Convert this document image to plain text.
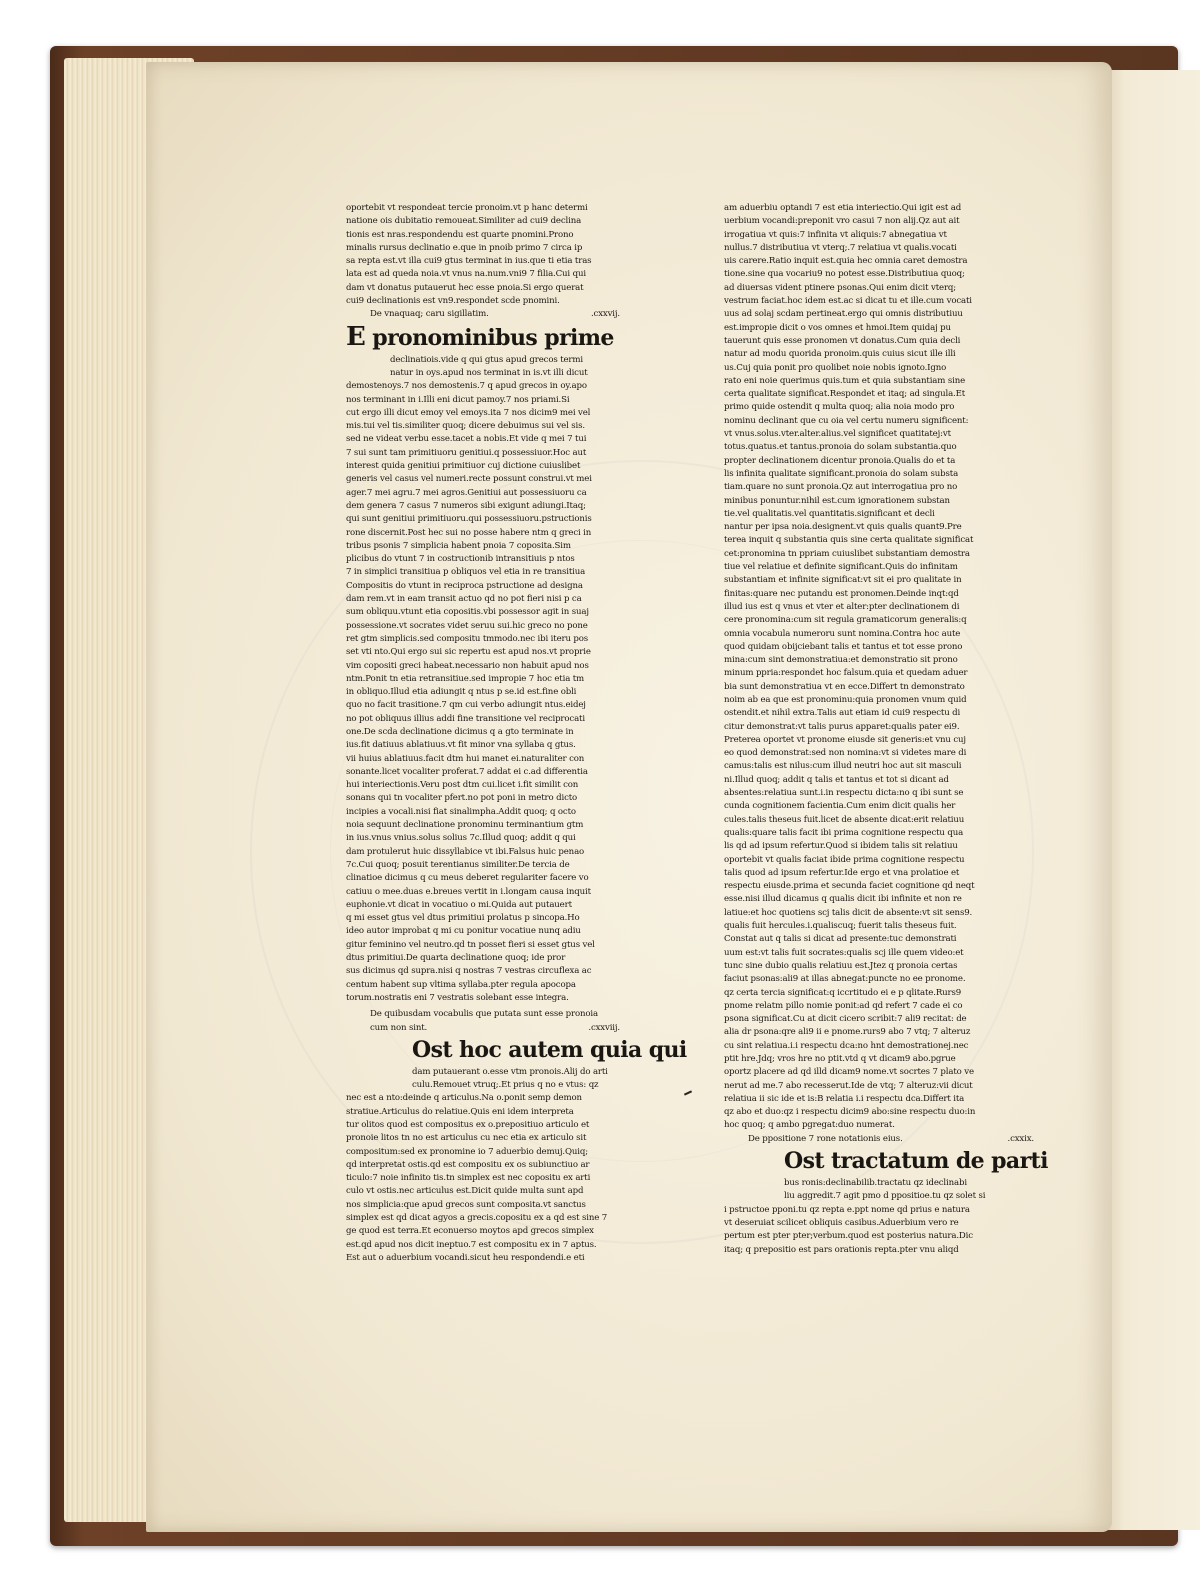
oportebit vt respondeat tercie pronoim.vt p hanc determi
natione ois dubitatio remoueat.Similiter ad cui9 declina
tionis est nras.respondendu est quarte pnomini.Prono
minalis rursus declinatio e.que in pnoib primo 7 circa ip
sa repta est.vt illa cui9 gtus terminat in ius.que ti etia tras
lata est ad queda noia.vt vnus na.num.vni9 7 filia.Cui qui
dam vt donatus putauerut hec esse pnoia.Si ergo querat
cui9 declinationis est vn9.respondet scde pnomini.
De vnaquaq; caru sigillatim.	.cxxvij.
E pronominibus prime
declinatiois.vide q qui gtus apud grecos termi
natur in oys.apud nos terminat in is.vt illi dicut
demostenoys.7 nos demostenis.7 q apud grecos in oy.apo
nos terminant in i.Illi eni dicut pamoy.7 nos priami.Si
cut ergo illi dicut emoy vel emoys.ita 7 nos dicim9 mei vel
mis.tui vel tis.similiter quoq; dicere debuimus sui vel sis.
sed ne videat verbu esse.tacet a nobis.Et vide q mei 7 tui
7 sui sunt tam primitiuoru genitiui.q possessiuor.Hoc aut
interest quida genitiui primitiuor cuj dictione cuiuslibet
generis vel casus vel numeri.recte possunt construi.vt mei
ager.7 mei agru.7 mei agros.Genitiui aut possessiuoru ca
dem genera 7 casus 7 numeros sibi exigunt adiungi.Itaq;
qui sunt genitiui primitiuoru.qui possessiuoru.pstructionis
rone discernit.Post hec sui no posse habere ntm q greci in
tribus psonis 7 simplicia habent pnoia 7 coposita.Sim
plicibus do vtunt 7 in costructionib intransitiuis p ntos
7 in simplici transitiua p obliquos vel etia in re transitiua
Compositis do vtunt in reciproca pstructione ad designa
dam rem.vt in eam transit actuo qd no pot fieri nisi p ca
sum obliquu.vtunt etia copositis.vbi possessor agit in suaj
possessione.vt socrates videt seruu sui.hic greco no pone
ret gtm simplicis.sed compositu tmmodo.nec ibi iteru pos
set vti nto.Qui ergo sui sic repertu est apud nos.vt proprie
vim copositi greci habeat.necessario non habuit apud nos
ntm.Ponit tn etia retransitiue.sed impropie 7 hoc etia tm
in obliquo.Illud etia adiungit q ntus p se.id est.fine obli
quo no facit trasitione.7 qm cui verbo adiungit ntus.eidej
no pot obliquus illius addi fine transitione vel reciprocati
one.De scda declinatione dicimus q a gto terminate in
ius.fit datiuus ablatiuus.vt fit minor vna syllaba q gtus.
vii huius ablatiuus.facit dtm hui manet ei.naturaliter con
sonante.licet vocaliter proferat.7 addat ei c.ad differentia
hui interiectionis.Veru post dtm cui.licet i.fit similit con
sonans qui tn vocaliter pfert.no pot poni in metro dicto
incipies a vocali.nisi fiat sinalimpha.Addit quoq; q octo
noia sequunt declinatione pronominu terminantium gtm
in ius.vnus vnius.solus solius 7c.Illud quoq; addit q qui
dam protulerut huic dissyllabice vt ibi.Falsus huic penao
7c.Cui quoq; posuit terentianus similiter.De tercia de
clinatioe dicimus q cu meus deberet regulariter facere vo
catiuu o mee.duas e.breues vertit in i.longam causa inquit
euphonie.vt dicat in vocatiuo o mi.Quida aut putauert
q mi esset gtus vel dtus primitiui prolatus p sincopa.Ho
ideo autor improbat q mi cu ponitur vocatiue nunq adiu
gitur feminino vel neutro.qd tn posset fieri si esset gtus vel
dtus primitiui.De quarta declinatione quoq; ide pror
sus dicimus qd supra.nisi q nostras 7 vestras circuflexa ac
centum habent sup vltima syllaba.pter regula apocopa
torum.nostratis eni 7 vestratis solebant esse integra.
De quibusdam vocabulis que putata sunt esse pronoia
cum non sint.	.cxxviij.
Ost hoc autem quia qui
dam putauerant o.esse vtm pronois.Alij do arti
culu.Remouet vtruq;.Et prius q no e vtus: qz
nec est a nto:deinde q articulus.Na o.ponit semp demon
stratiue.Articulus do relatiue.Quis eni idem interpreta
tur olitos quod est compositus ex o.prepositiuo articulo et
pronoie litos tn no est articulus cu nec etia ex articulo sit
compositum:sed ex pronomine io 7 aduerbio demuj.Quiq;
qd interpretat ostis.qd est compositu ex os subiunctiuo ar
ticulo:7 noie infinito tis.tn simplex est nec copositu ex arti
culo vt ostis.nec articulus est.Dicit quide multa sunt apd
nos simplicia:que apud grecos sunt composita.vt sanctus
simplex est qd dicat agyos a grecis.copositu ex a qd est sine 7
ge quod est terra.Et econuerso moytos apd grecos simplex
est.qd apud nos dicit ineptuo.7 est compositu ex in 7 aptus.
Est aut o aduerbium vocandi.sicut heu respondendi.e eti
am aduerbiu optandi 7 est etia interiectio.Qui igit est ad
uerbium vocandi:preponit vro casui 7 non alij.Qz aut ait
irrogatiua vt quis:7 infinita vt aliquis:7 abnegatiua vt
nullus.7 distributiua vt vterq;.7 relatiua vt qualis.vocati
uis carere.Ratio inquit est.quia hec omnia caret demostra
tione.sine qua vocariu9 no potest esse.Distributiua quoq;
ad diuersas vident ptinere psonas.Qui enim dicit vterq;
vestrum faciat.hoc idem est.ac si dicat tu et ille.cum vocati
uus ad solaj scdam pertineat.ergo qui omnis distributiuu
est.impropie dicit o vos omnes et hmoi.Item quidaj pu
tauerunt quis esse pronomen vt donatus.Cum quia decli
natur ad modu quorida pronoim.quis cuius sicut ille illi
us.Cuj quia ponit pro quolibet noie nobis ignoto.Igno
rato eni noie querimus quis.tum et quia substantiam sine
certa qualitate significat.Respondet et itaq; ad singula.Et
primo quide ostendit q multa quoq; alia noia modo pro
nominu declinant que cu oia vel certu numeru significent:
vt vnus.solus.vter.alter.alius.vel significet quatitatej:vt
totus.quatus.et tantus.pronoia do solam substantia.quo
propter declinationem dicentur pronoia.Qualis do et ta
lis infinita qualitate significant.pronoia do solam substa
tiam.quare no sunt pronoia.Qz aut interrogatiua pro no
minibus ponuntur.nihil est.cum ignorationem substan
tie.vel qualitatis.vel quantitatis.significant et decli
nantur per ipsa noia.designent.vt quis qualis quant9.Pre
terea inquit q substantia quis sine certa qualitate significat
cet:pronomina tn ppriam cuiuslibet substantiam demostra
tiue vel relatiue et definite significant.Quis do infinitam
substantiam et infinite significat:vt sit ei pro qualitate in
finitas:quare nec putandu est pronomen.Deinde inqt:qd
illud ius est q vnus et vter et alter:pter declinationem di
cere pronomina:cum sit regula gramaticorum generalis:q
omnia vocabula numeroru sunt nomina.Contra hoc aute
quod quidam obijciebant talis et tantus et tot esse prono
mina:cum sint demonstratiua:et demonstratio sit prono
minum ppria:respondet hoc falsum.quia et quedam aduer
bia sunt demonstratiua vt en ecce.Differt tn demonstrato
noim ab ea que est pronominu:quia pronomen vnum quid
ostendit.et nihil extra.Talis aut etiam id cui9 respectu di
citur demonstrat:vt talis purus apparet:qualis pater ei9.
Preterea oportet vt pronome eiusde sit generis:et vnu cuj
eo quod demonstrat:sed non nomina:vt si videtes mare di
camus:talis est nilus:cum illud neutri hoc aut sit masculi
ni.Illud quoq; addit q talis et tantus et tot si dicant ad
absentes:relatiua sunt.i.in respectu dicta:no q ibi sunt se
cunda cognitionem facientia.Cum enim dicit qualis her
cules.talis theseus fuit.licet de absente dicat:erit relatiuu
qualis:quare talis facit ibi prima cognitione respectu qua
lis qd ad ipsum refertur.Quod si ibidem talis sit relatiuu
oportebit vt qualis faciat ibide prima cognitione respectu
talis quod ad ipsum refertur.Ide ergo et vna prolatioe et
respectu eiusde.prima et secunda faciet cognitione qd neqt
esse.nisi illud dicamus q qualis dicit ibi infinite et non re
latiue:et hoc quotiens scj talis dicit de absente:vt sit sens9.
qualis fuit hercules.i.qualiscuq; fuerit talis theseus fuit.
Constat aut q talis si dicat ad presente:tuc demonstrati
uum est:vt talis fuit socrates:qualis scj ille quem video:et
tunc sine dubio qualis relatiuu est.Jtez q pronoia certas
faciut psonas:ali9 at illas abnegat:puncte no ee pronome.
qz certa tercia significat:q iccrtitudo ei e p qlitate.Rurs9
pnome relatm pillo nomie ponit:ad qd refert 7 cade ei co
psona significat.Cu at dicit cicero scribit:7 ali9 recitat: de
alia dr psona:qre ali9 ii e pnome.rurs9 abo 7 vtq; 7 alteruz
cu sint relatiua.i.i respectu dca:no hnt demostrationej.nec
ptit hre.Jdq; vros hre no ptit.vtd q vt dicam9 abo.pgrue
oportz placere ad qd illd dicam9 nome.vt socrtes 7 plato ve
nerut ad me.7 abo recesserut.Ide de vtq; 7 alteruz:vii dicut
relatiua ii sic ide et is:B relatia i.i respectu dca.Differt ita
qz abo et duo:qz i respectu dicim9 abo:sine respectu duo:in
hoc quoq; q ambo pgregat:duo numerat.
De ppositione 7 rone notationis eius.	.cxxix.
Ost tractatum de parti
bus ronis:declinabilib.tractatu qz ideclinabi
liu aggredit.7 agit pmo d ppositioe.tu qz solet si
i pstructoe pponi.tu qz repta e.ppt nome qd prius e natura
vt deseruiat scilicet obliquis casibus.Aduerbium vero re
pertum est pter pter;verbum.quod est posterius natura.Dic
itaq; q prepositio est pars orationis repta.pter vnu aliqd
